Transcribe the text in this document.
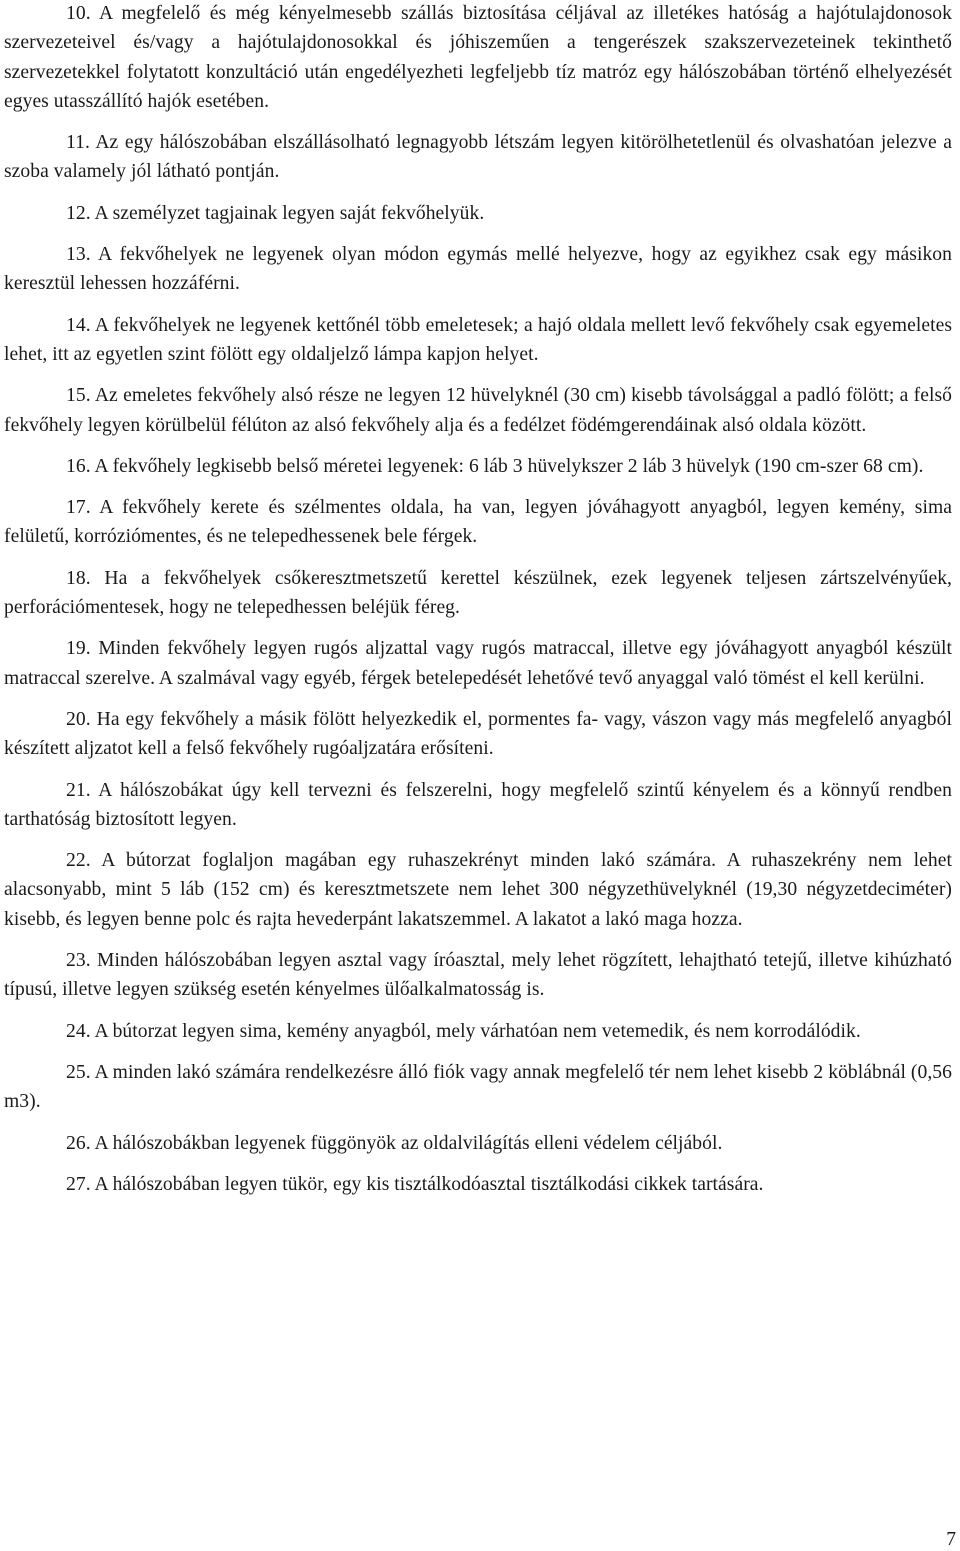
10. A megfelelő és még kényelmesebb szállás biztosítása céljával az illetékes hatóság a hajótulajdonosok szervezeteivel és/vagy a hajótulajdonosokkal és jóhiszeműen a tengerészek szakszervezeteinek tekinthető szervezetekkel folytatott konzultáció után engedélyezheti legfeljebb tíz matróz egy hálószobában történő elhelyezését egyes utasszállító hajók esetében.

11. Az egy hálószobában elszállásolható legnagyobb létszám legyen kitörölhetetlenül és olvashatóan jelezve a szoba valamely jól látható pontján.

12. A személyzet tagjainak legyen saját fekvőhelyük.

13. A fekvőhelyek ne legyenek olyan módon egymás mellé helyezve, hogy az egyikhez csak egy másikon keresztül lehessen hozzáférni.

14. A fekvőhelyek ne legyenek kettőnél több emeletesek; a hajó oldala mellett levő fekvőhely csak egyemeletes lehet, itt az egyetlen szint fölött egy oldaljelző lámpa kapjon helyet.

15. Az emeletes fekvőhely alsó része ne legyen 12 hüvelyknél (30 cm) kisebb távolsággal a padló fölött; a felső fekvőhely legyen körülbelül félúton az alsó fekvőhely alja és a fedélzet födémgerendáinak alsó oldala között.

16. A fekvőhely legkisebb belső méretei legyenek: 6 láb 3 hüvelykszer 2 láb 3 hüvelyk (190 cm-szer 68 cm).

17. A fekvőhely kerete és szélmentes oldala, ha van, legyen jóváhagyott anyagból, legyen kemény, sima felületű, korróziómentes, és ne telepedhessenek bele férgek.

18. Ha a fekvőhelyek csőkeresztmetszetű kerettel készülnek, ezek legyenek teljesen zártszelvényűek, perforációmentesek, hogy ne telepedhessen beléjük féreg.

19. Minden fekvőhely legyen rugós aljzattal vagy rugós matraccal, illetve egy jóváhagyott anyagból készült matraccal szerelve. A szalmával vagy egyéb, férgek betelepedését lehetővé tevő anyaggal való tömést el kell kerülni.

20. Ha egy fekvőhely a másik fölött helyezkedik el, pormentes fa- vagy, vászon vagy más megfelelő anyagból készített aljzatot kell a felső fekvőhely rugóaljzatára erősíteni.

21. A hálószobákat úgy kell tervezni és felszerelni, hogy megfelelő szintű kényelem és a könnyű rendben tarthatóság biztosított legyen.

22. A bútorzat foglaljon magában egy ruhaszekrényt minden lakó számára. A ruhaszekrény nem lehet alacsonyabb, mint 5 láb (152 cm) és keresztmetszete nem lehet 300 négyzethüvelyknél (19,30 négyzetdeciméter) kisebb, és legyen benne polc és rajta hevederpánt lakatszemmel. A lakatot a lakó maga hozza.

23. Minden hálószobában legyen asztal vagy íróasztal, mely lehet rögzített, lehajtható tetejű, illetve kihúzható típusú, illetve legyen szükség esetén kényelmes ülőalkalmatosság is.

24. A bútorzat legyen sima, kemény anyagból, mely várhatóan nem vetemedik, és nem korrodálódik.

25. A minden lakó számára rendelkezésre álló fiók vagy annak megfelelő tér nem lehet kisebb 2 köblábnál (0,56 m3).

26. A hálószobákban legyenek függönyök az oldalvilágítás elleni védelem céljából.

27. A hálószobában legyen tükör, egy kis tisztálkodóasztal tisztálkodási cikkek tartására.

7
